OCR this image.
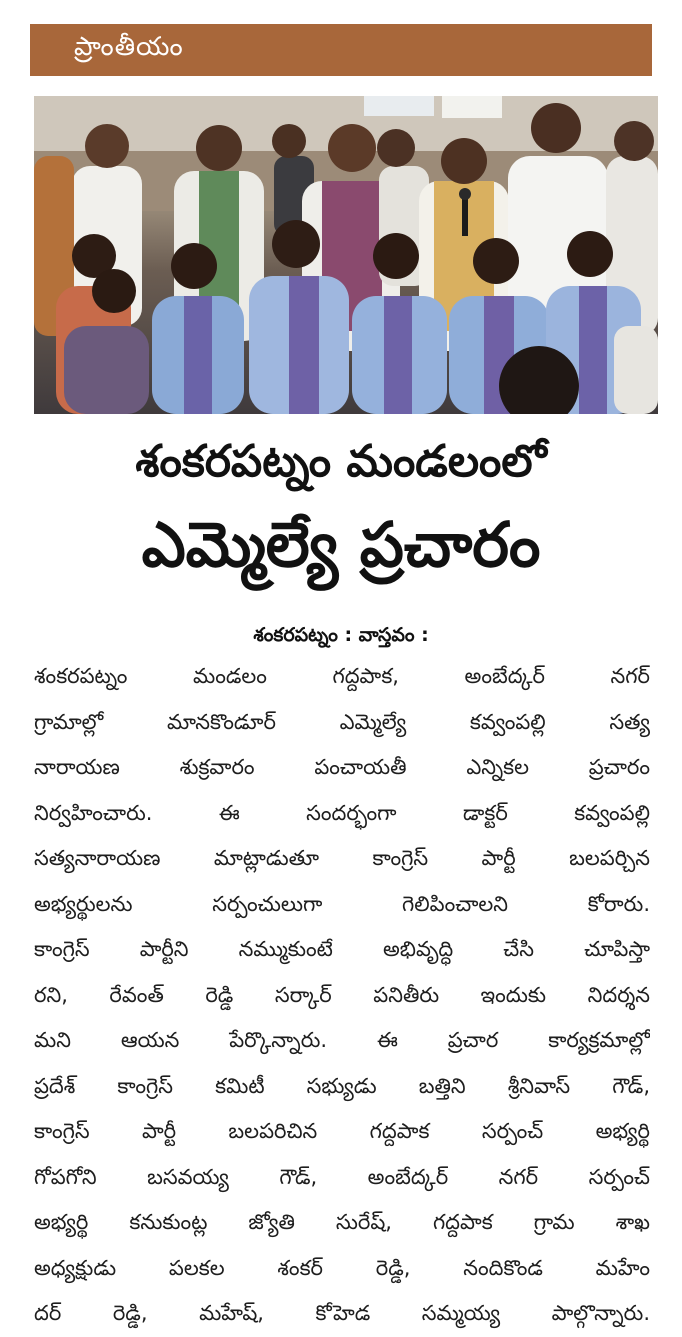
ప్రాంతీయం
శంకరపట్నం మండలంలో
ఎమ్మెల్యే ప్రచారం
శంకరపట్నం : వాస్తవం :
శంకరపట్నం మండలం గద్దపాక, అంబేద్కర్ నగర్
గ్రామాల్లో మానకొండూర్ ఎమ్మెల్యే కవ్వంపల్లి సత్య
నారాయణ శుక్రవారం పంచాయతీ ఎన్నికల ప్రచారం
నిర్వహించారు. ఈ సందర్భంగా డాక్టర్ కవ్వంపల్లి
సత్యనారాయణ మాట్లాడుతూ కాంగ్రెస్ పార్టీ బలపర్చిన
అభ్యర్థులను సర్పంచులుగా గెలిపించాలని కోరారు.
కాంగ్రెస్ పార్టీని నమ్ముకుంటే అభివృద్ధి చేసి చూపిస్తా
రని, రేవంత్ రెడ్డి సర్కార్ పనితీరు ఇందుకు నిదర్శన
మని ఆయన పేర్కొన్నారు. ఈ ప్రచార కార్యక్రమాల్లో
ప్రదేశ్ కాంగ్రెస్ కమిటీ సభ్యుడు బత్తిని శ్రీనివాస్ గౌడ్,
కాంగ్రెస్ పార్టీ బలపరిచిన గద్దపాక సర్పంచ్ అభ్యర్థి
గోపగోని బసవయ్య గౌడ్, అంబేద్కర్ నగర్ సర్పంచ్
అభ్యర్థి కనుకుంట్ల జ్యోతి సురేష్, గద్దపాక గ్రామ శాఖ
అధ్యక్షుడు పలకల శంకర్ రెడ్డి, నందికొండ మహేం
దర్ రెడ్డి, మహేష్, కోహెడ సమ్మయ్య పాల్గొన్నారు.
